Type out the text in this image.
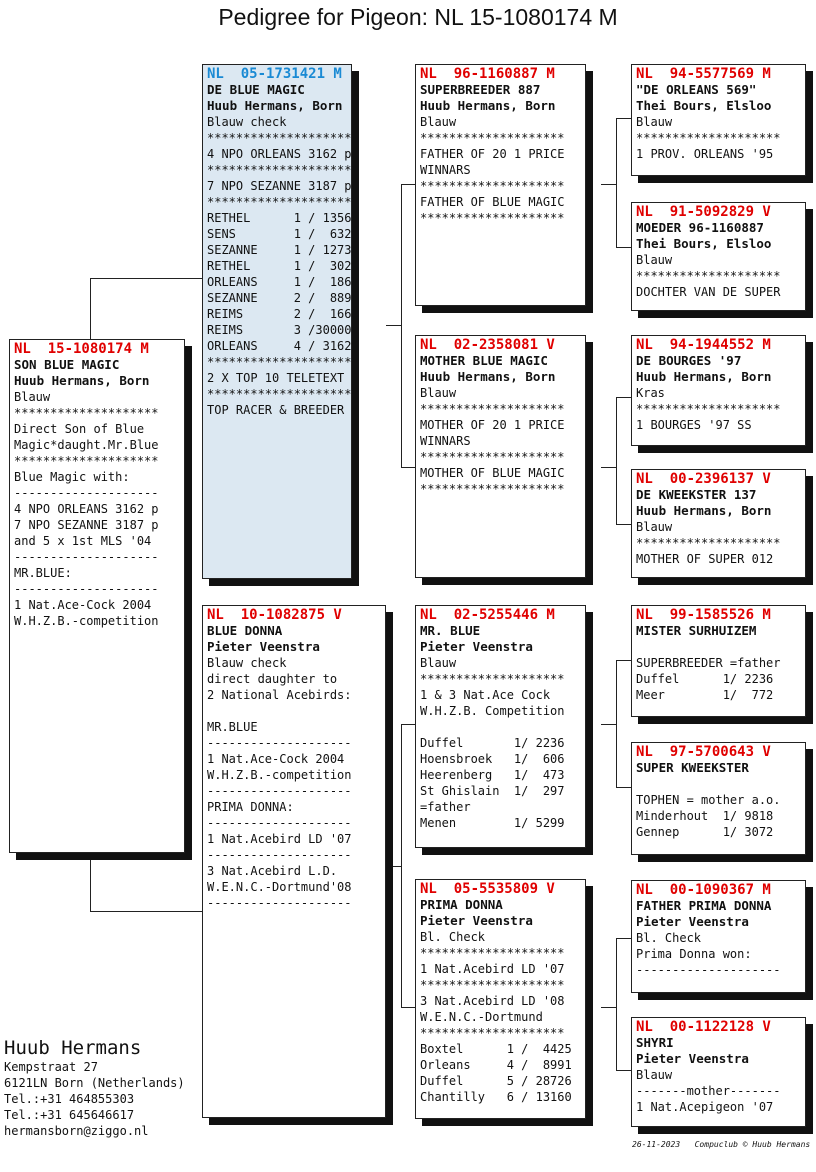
Pedigree for Pigeon: NL 15-1080174 M
NL  15-1080174 M
SON BLUE MAGIC
Huub Hermans, Born
Blauw
********************
Direct Son of Blue
Magic*daught.Mr.Blue
********************
Blue Magic with:
--------------------
4 NPO ORLEANS 3162 p
7 NPO SEZANNE 3187 p
and 5 x 1st MLS '04
--------------------
MR.BLUE:
--------------------
1 Nat.Ace-Cock 2004
W.H.Z.B.-competition
NL  05-1731421 M
DE BLUE MAGIC
Huub Hermans, Born
Blauw check
********************
4 NPO ORLEANS 3162 p
********************
7 NPO SEZANNE 3187 p
********************
RETHEL      1 / 1356
SENS        1 /  632
SEZANNE     1 / 1273
RETHEL      1 /  302
ORLEANS     1 /  186
SEZANNE     2 /  889
REIMS       2 /  166
REIMS       3 /30000
ORLEANS     4 / 3162
********************
2 X TOP 10 TELETEXT
********************
TOP RACER & BREEDER
NL  10-1082875 V
BLUE DONNA
Pieter Veenstra
Blauw check
direct daughter to
2 National Acebirds:

MR.BLUE
--------------------
1 Nat.Ace-Cock 2004
W.H.Z.B.-competition
--------------------
PRIMA DONNA:
--------------------
1 Nat.Acebird LD '07
--------------------
3 Nat.Acebird L.D.
W.E.N.C.-Dortmund'08
--------------------
NL  96-1160887 M
SUPERBREEDER 887
Huub Hermans, Born
Blauw
********************
FATHER OF 20 1 PRICE
WINNARS
********************
FATHER OF BLUE MAGIC
********************
NL  02-2358081 V
MOTHER BLUE MAGIC
Huub Hermans, Born
Blauw
********************
MOTHER OF 20 1 PRICE
WINNARS
********************
MOTHER OF BLUE MAGIC
********************
NL  02-5255446 M
MR. BLUE
Pieter Veenstra
Blauw
********************
1 & 3 Nat.Ace Cock
W.H.Z.B. Competition

Duffel       1/ 2236
Hoensbroek   1/  606
Heerenberg   1/  473
St Ghislain  1/  297
=father
Menen        1/ 5299
NL  05-5535809 V
PRIMA DONNA
Pieter Veenstra
Bl. Check
********************
1 Nat.Acebird LD '07
********************
3 Nat.Acebird LD '08
W.E.N.C.-Dortmund
********************
Boxtel      1 /  4425
Orleans     4 /  8991
Duffel      5 / 28726
Chantilly   6 / 13160
NL  94-5577569 M
"DE ORLEANS 569"
Thei Bours, Elsloo
Blauw
********************
1 PROV. ORLEANS '95
NL  91-5092829 V
MOEDER 96-1160887
Thei Bours, Elsloo
Blauw
********************
DOCHTER VAN DE SUPER
NL  94-1944552 M
DE BOURGES '97
Huub Hermans, Born
Kras
********************
1 BOURGES '97 SS
NL  00-2396137 V
DE KWEEKSTER 137
Huub Hermans, Born
Blauw
********************
MOTHER OF SUPER 012
NL  99-1585526 M
MISTER SURHUIZEM

SUPERBREEDER =father
Duffel      1/ 2236
Meer        1/  772
NL  97-5700643 V
SUPER KWEEKSTER

TOPHEN = mother a.o.
Minderhout  1/ 9818
Gennep      1/ 3072
NL  00-1090367 M
FATHER PRIMA DONNA
Pieter Veenstra
Bl. Check
Prima Donna won:
--------------------
NL  00-1122128 V
SHYRI
Pieter Veenstra
Blauw
-------mother-------
1 Nat.Acepigeon '07
Huub Hermans
Kempstraat 27
6121LN Born (Netherlands)
Tel.:+31 464855303
Tel.:+31 645646617
hermansborn@ziggo.nl
26-11-2023   Compuclub © Huub Hermans
